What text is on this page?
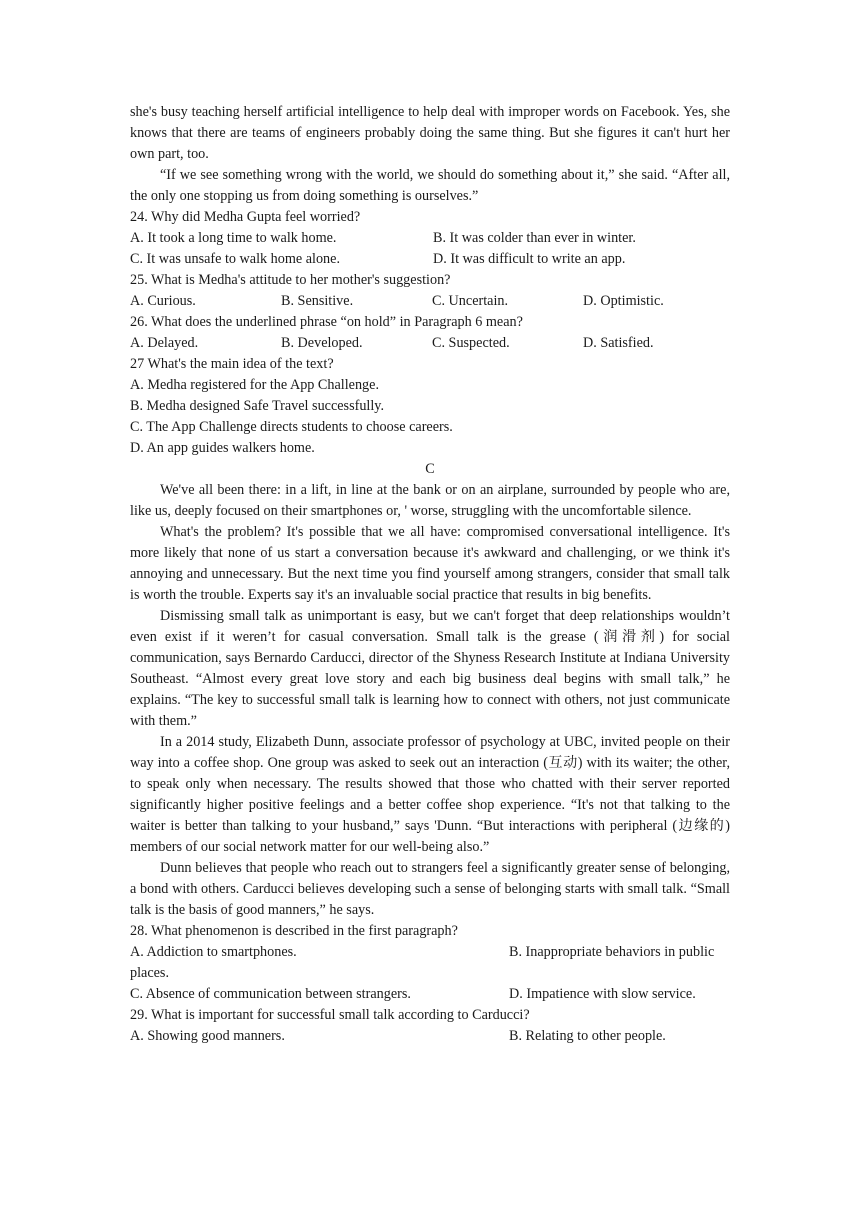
she's busy teaching herself artificial intelligence to help deal with improper words on Facebook. Yes, she knows that there are teams of engineers probably doing the same thing. But she figures it can't hurt her own part, too.

“If we see something wrong with the world, we should do something about it,” she said. “After all, the only one stopping us from doing something is ourselves.”

24. Why did Medha Gupta feel worried?

A. It took a long time to walk home.	B. It was colder than ever in winter.
C. It was unsafe to walk home alone.	D. It was difficult to write an app.

25. What is Medha's attitude to her mother's suggestion?

A. Curious.	B. Sensitive.	C. Uncertain.	D. Optimistic.

26. What does the underlined phrase “on hold” in Paragraph 6 mean?

A. Delayed.	B. Developed.	C. Suspected.	D. Satisfied.

27 What's the main idea of the text?

A. Medha registered for the App Challenge.

B. Medha designed Safe Travel successfully.

C. The App Challenge directs students to choose careers.

D. An app guides walkers home.

C

We've all been there: in a lift, in line at the bank or on an airplane, surrounded by people who are, like us, deeply focused on their smartphones or, ' worse, struggling with the uncomfortable silence.

What's the problem? It's possible that we all have: compromised conversational intelligence. It's more likely that none of us start a conversation because it's awkward and challenging, or we think it's annoying and unnecessary. But the next time you find yourself among strangers, consider that small talk is worth the trouble. Experts say it's an invaluable social practice that results in big benefits.

Dismissing small talk as unimportant is easy, but we can't forget that deep relationships wouldn’t even exist if it weren’t for casual conversation. Small talk is the grease (润滑剂) for social communication, says Bernardo Carducci, director of the Shyness Research Institute at Indiana University Southeast. “Almost every great love story and each big business deal begins with small talk,” he explains. “The key to successful small talk is learning how to connect with others, not just communicate with them.”

In a 2014 study, Elizabeth Dunn, associate professor of psychology at UBC, invited people on their way into a coffee shop. One group was asked to seek out an interaction (互动) with its waiter; the other, to speak only when necessary. The results showed that those who chatted with their server reported significantly higher positive feelings and a better coffee shop experience. “It's not that talking to the waiter is better than talking to your husband,” says 'Dunn. “But interactions with peripheral (边缘的) members of our social network matter for our well-being also.”

Dunn believes that people who reach out to strangers feel a significantly greater sense of belonging, a bond with others. Carducci believes developing such a sense of belonging starts with small talk. “Small talk is the basis of good manners,” he says.

28. What phenomenon is described in the first paragraph?

A. Addiction to smartphones.	B. Inappropriate behaviors in public

places.

C. Absence of communication between strangers.	D. Impatience with slow service.

29. What is important for successful small talk according to Carducci?

A. Showing good manners.	B. Relating to other people.
